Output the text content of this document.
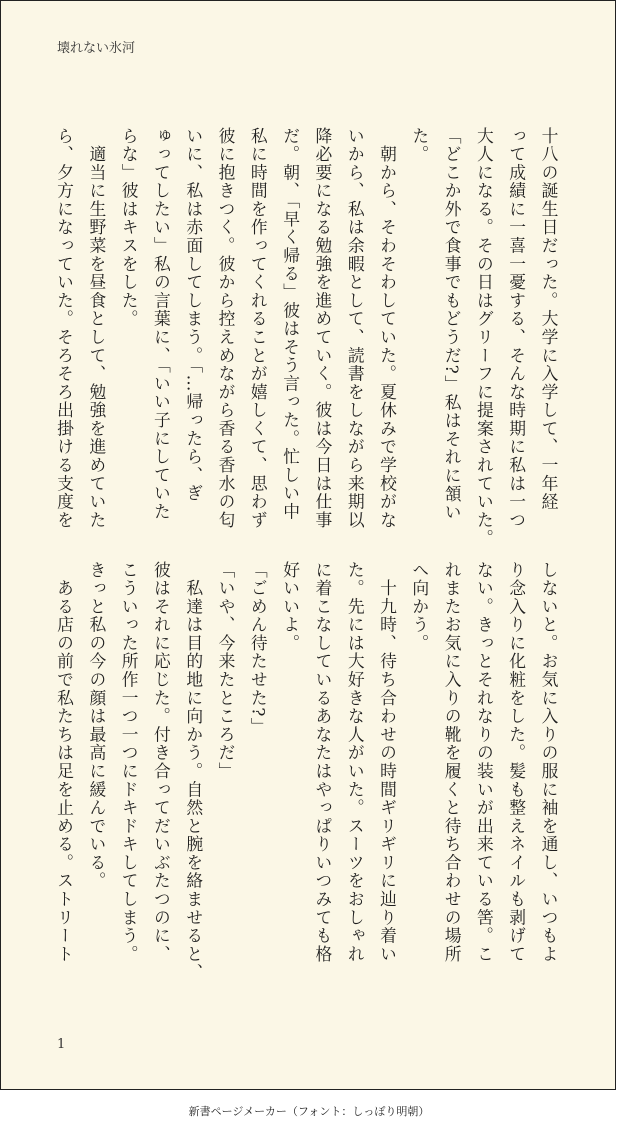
壊れない氷河

十八の誕生日だった。大学に入学して、一年経

って成績に一喜一憂する、そんな時期に私は一つ

大人になる。その日はグリーフに提案されていた。

「どこか外で食事でもどうだ?」私はそれに頷い

た。

　朝から、そわそわしていた。夏休みで学校がな

いから、私は余暇として、読書をしながら来期以

降必要になる勉強を進めていく。彼は今日は仕事

だ。朝、「早く帰る」彼はそう言った。忙しい中

私に時間を作ってくれることが嬉しくて、思わず

彼に抱きつく。彼から控えめながら香る香水の匂

いに、私は赤面してしまう。「…帰ったら、ぎ

ゅってしたい」私の言葉に、「いい子にしていた

らな」彼はキスをした。

　適当に生野菜を昼食として、勉強を進めていた

ら、夕方になっていた。そろそろ出掛ける支度を

しないと。お気に入りの服に袖を通し、いつもよ

り念入りに化粧をした。髪も整えネイルも剥げて

ない。きっとそれなりの装いが出来ている筈。こ

れまたお気に入りの靴を履くと待ち合わせの場所

へ向かう。

　十九時、待ち合わせの時間ギリギリに辿り着い

た。先には大好きな人がいた。スーツをおしゃれ

に着こなしているあなたはやっぱりいつみても格

好いいよ。

「ごめん待たせた?」

「いや、今来たところだ」

　私達は目的地に向かう。自然と腕を絡ませると、

彼はそれに応じた。付き合ってだいぶたつのに、

こういった所作一つ一つにドキドキしてしまう。

きっと私の今の顔は最高に緩んでいる。

　ある店の前で私たちは足を止める。ストリート

1
新書ページメーカー（フォント：しっぽり明朝）
